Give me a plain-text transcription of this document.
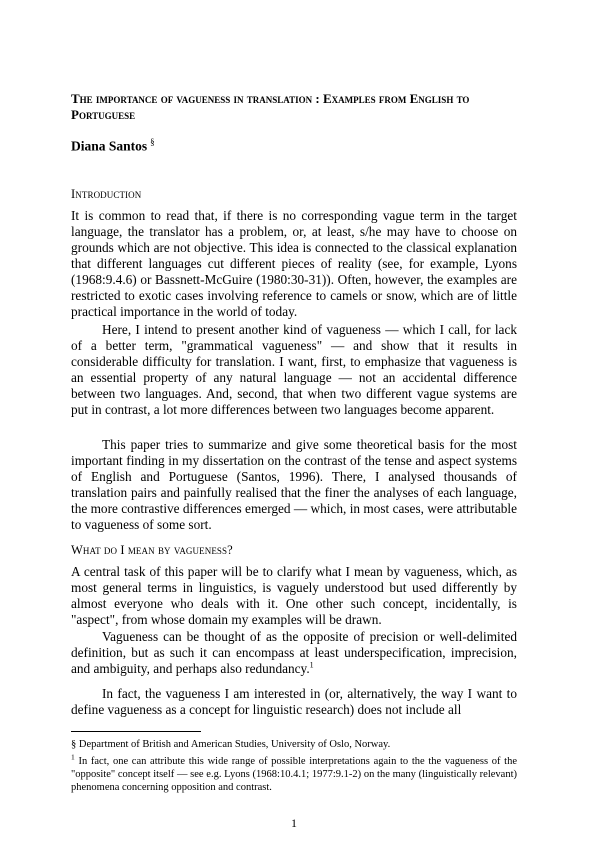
The importance of vagueness in translation : Examples from English to Portuguese
Diana Santos §
Introduction

It is common to read that, if there is no corresponding vague term in the target language, the translator has a problem, or, at least, s/he may have to choose on grounds which are not objective. This idea is connected to the classical explanation that different languages cut different pieces of reality (see, for example, Lyons (1968:9.4.6) or Bassnett-McGuire (1980:30-31)). Often, however, the examples are restricted to exotic cases involving reference to camels or snow, which are of little practical importance in the world of today.

Here, I intend to present another kind of vagueness — which I call, for lack of a better term, "grammatical vagueness" — and show that it results in considerable difficulty for translation. I want, first, to emphasize that vagueness is an essential property of any natural language — not an accidental difference between two languages. And, second, that when two different vague systems are put in contrast, a lot more differences between two languages become apparent.

This paper tries to summarize and give some theoretical basis for the most important finding in my dissertation on the contrast of the tense and aspect systems of English and Portuguese (Santos, 1996). There, I analysed thousands of translation pairs and painfully realised that the finer the analyses of each language, the more contrastive differences emerged — which, in most cases, were attributable to vagueness of some sort.

What do I mean by vagueness?

A central task of this paper will be to clarify what I mean by vagueness, which, as most general terms in linguistics, is vaguely understood but used differently by almost everyone who deals with it. One other such concept, incidentally, is "aspect", from whose domain my examples will be drawn.

Vagueness can be thought of as the opposite of precision or well-delimited definition, but as such it can encompass at least underspecification, imprecision, and ambiguity, and perhaps also redundancy.$^1$

In fact, the vagueness I am interested in (or, alternatively, the way I want to define vagueness as a concept for linguistic research) does not include all

§ Department of British and American Studies, University of Oslo, Norway.

$^1$ In fact, one can attribute this wide range of possible interpretations again to the the vagueness of the "opposite" concept itself — see e.g. Lyons (1968:10.4.1; 1977:9.1-2) on the many (linguistically relevant) phenomena concerning opposition and contrast.

1
